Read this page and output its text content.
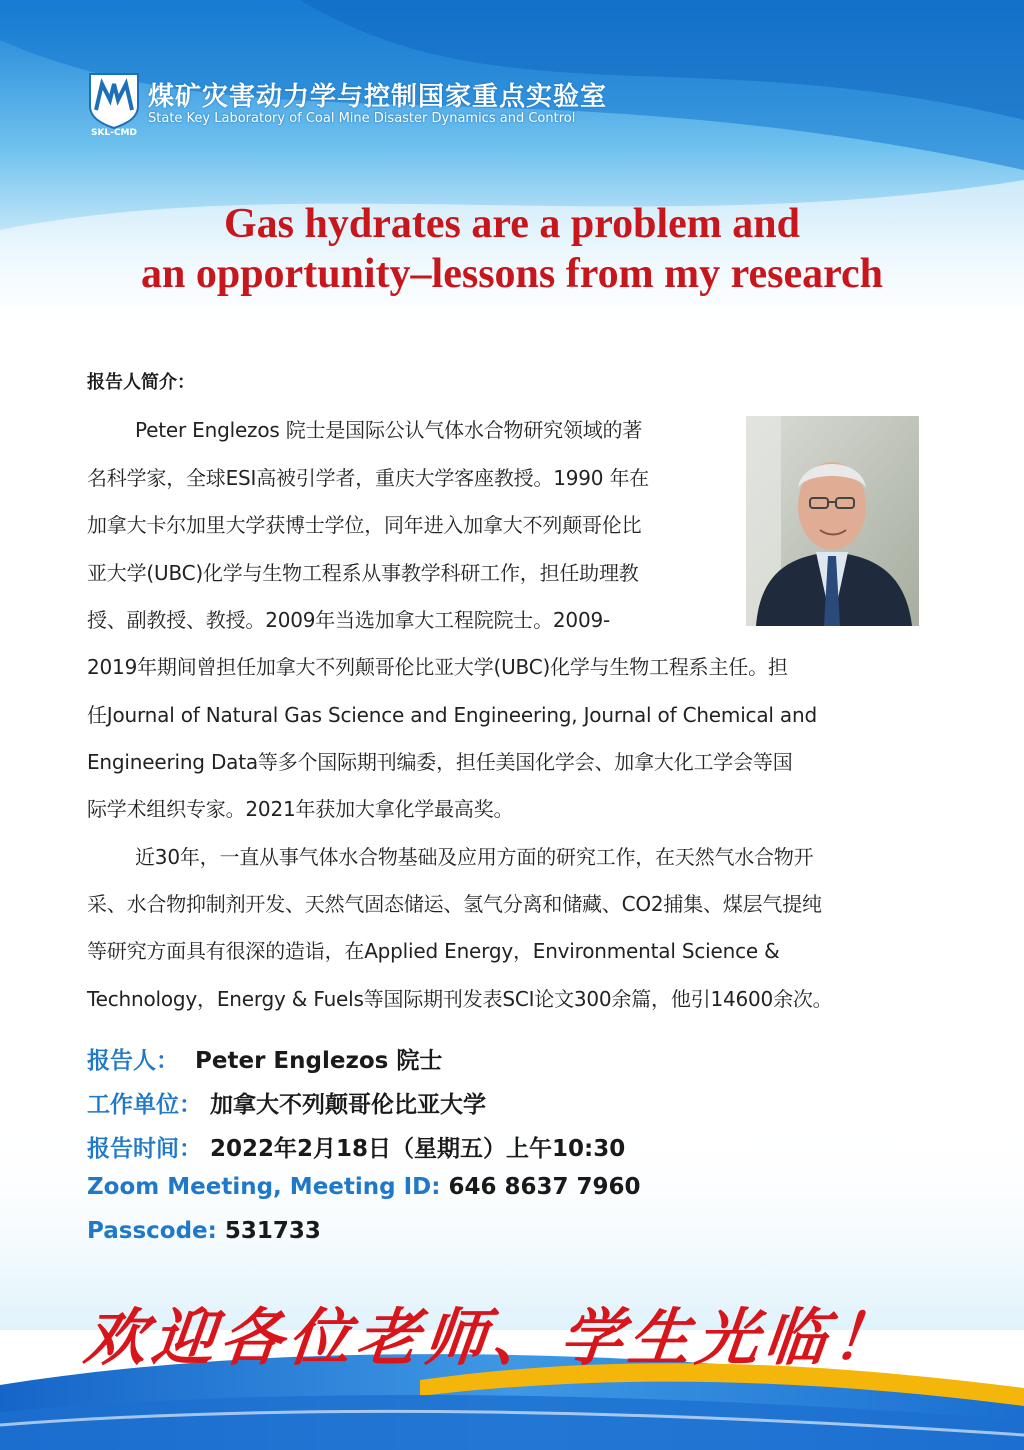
SKL-CMD
煤矿灾害动力学与控制国家重点实验室
State Key Laboratory of Coal Mine Disaster Dynamics and Control
Gas hydrates are a problem and
an opportunity–lessons from my research
报告人简介：
Peter Englezos 院士是国际公认气体水合物研究领域的著
名科学家，全球ESI高被引学者，重庆大学客座教授。1990 年在
加拿大卡尔加里大学获博士学位，同年进入加拿大不列颠哥伦比
亚大学(UBC)化学与生物工程系从事教学科研工作，担任助理教
授、副教授、教授。2009年当选加拿大工程院院士。2009-
2019年期间曾担任加拿大不列颠哥伦比亚大学(UBC)化学与生物工程系主任。担
任Journal of Natural Gas Science and Engineering, Journal of Chemical and
Engineering Data等多个国际期刊编委，担任美国化学会、加拿大化工学会等国
际学术组织专家。2021年获加大拿化学最高奖。
近30年，一直从事气体水合物基础及应用方面的研究工作，在天然气水合物开
采、水合物抑制剂开发、天然气固态储运、氢气分离和储藏、CO2捕集、煤层气提纯
等研究方面具有很深的造诣，在Applied Energy，Environmental Science &
Technology，Energy & Fuels等国际期刊发表SCI论文300余篇，他引14600余次。
报告人： Peter Englezos 院士
工作单位： 加拿大不列颠哥伦比亚大学
报告时间： 2022年2月18日（星期五）上午10:30
Zoom Meeting, Meeting ID: 646 8637 7960
Passcode: 531733
欢迎各位老师、学生光临！
